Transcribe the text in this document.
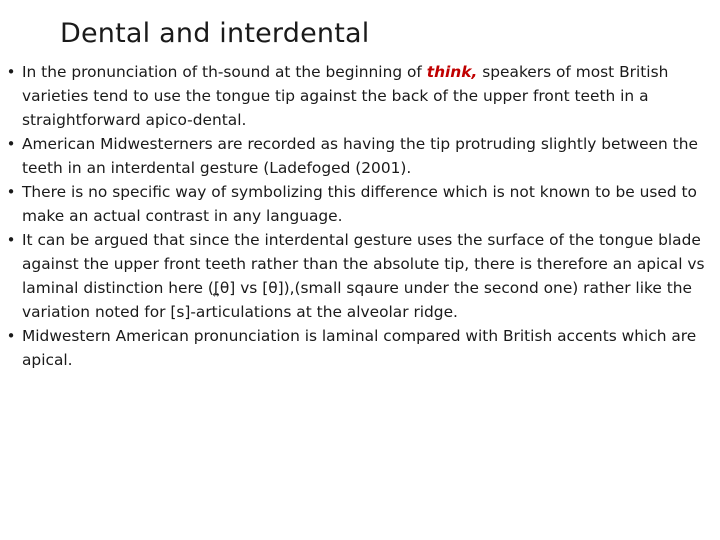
Dental and interdental
• In the pronunciation of th-sound at the beginning of think, speakers of most British varieties tend to use the tongue tip against the back of the upper front teeth in a straightforward apico-dental.
• American Midwesterners are recorded as having the tip protruding slightly between the teeth in an interdental gesture (Ladefoged (2001).
• There is no specific way of symbolizing this difference which is not known to be used to make an actual contrast in any language.
• It can be argued that since the interdental gesture uses the surface of the tongue blade against the upper front teeth rather than the absolute tip, there is therefore an apical vs laminal distinction here ([͍θ] vs [θ]),(small sqaure under the second one) rather like the variation noted for [s]-articulations at the alveolar ridge.
• Midwestern American pronunciation is laminal compared with British accents which are apical.
